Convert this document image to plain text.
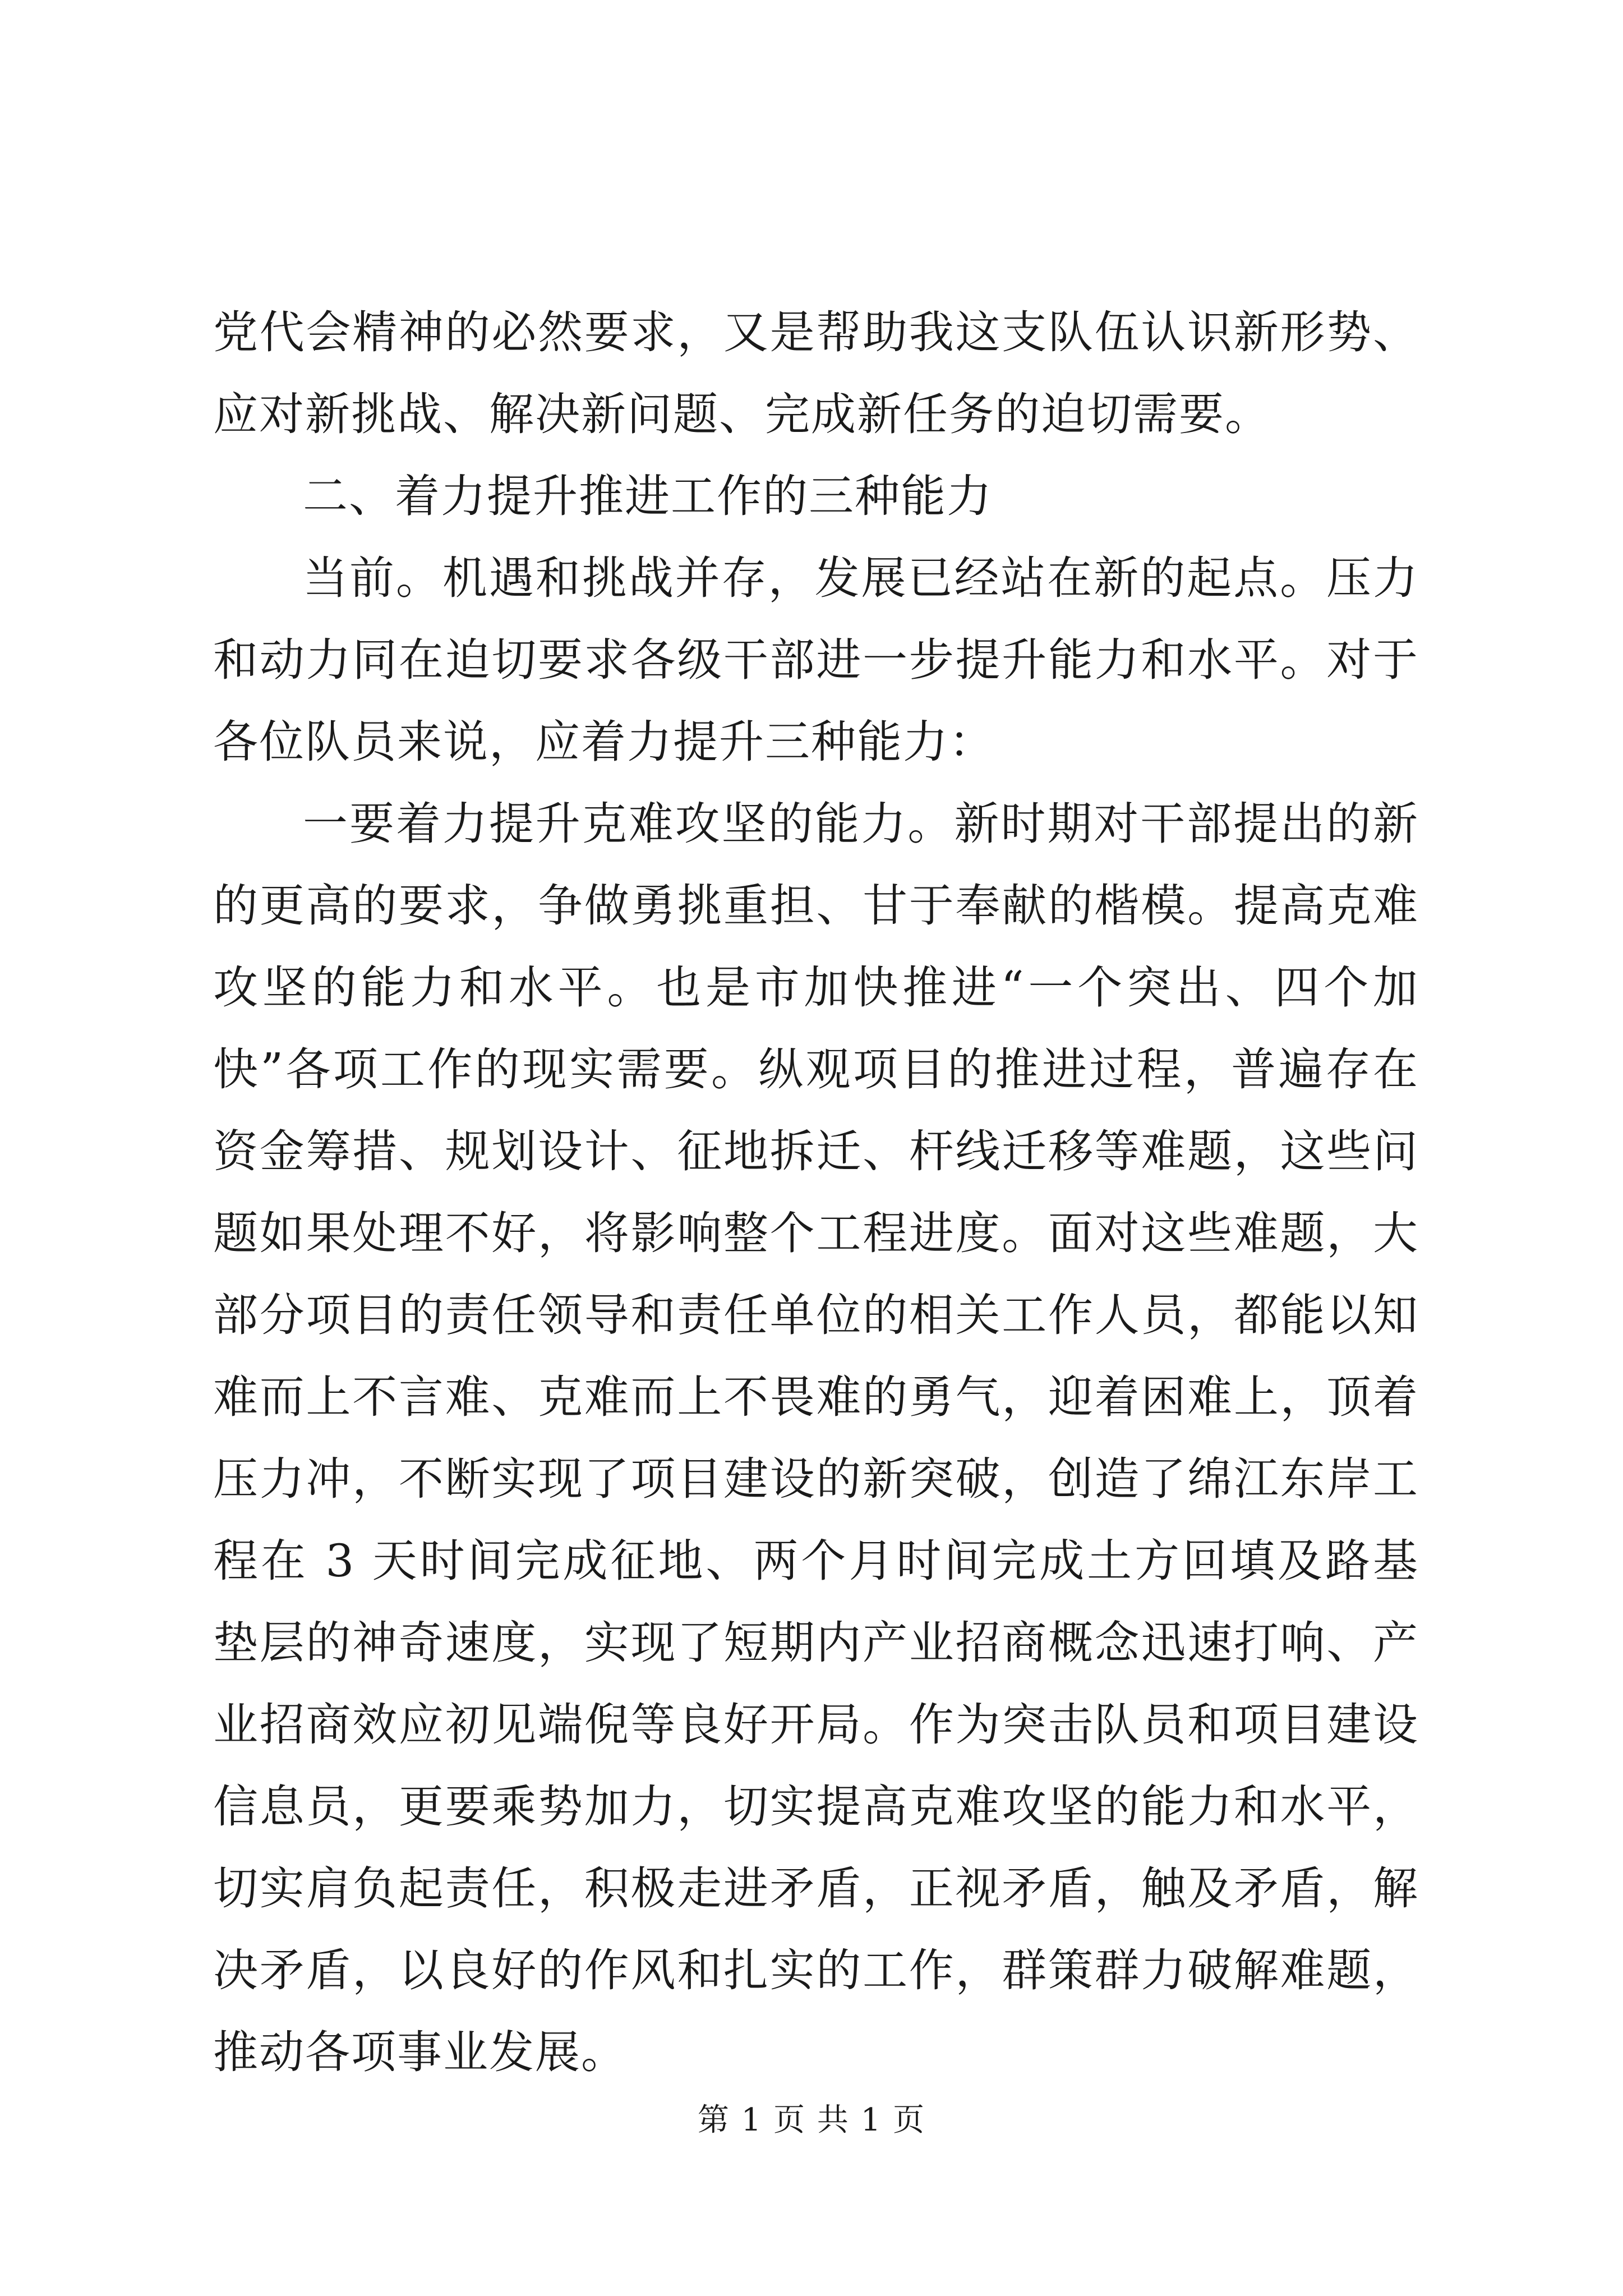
党代会精神的必然要求，又是帮助我这支队伍认识新形势、应对新挑战、解决新问题、完成新任务的迫切需要。

二、着力提升推进工作的三种能力

当前。机遇和挑战并存，发展已经站在新的起点。压力和动力同在迫切要求各级干部进一步提升能力和水平。对于各位队员来说，应着力提升三种能力：

一要着力提升克难攻坚的能力。新时期对干部提出的新的更高的要求，争做勇挑重担、甘于奉献的楷模。提高克难攻坚的能力和水平。也是市加快推进“一个突出、四个加快”各项工作的现实需要。纵观项目的推进过程，普遍存在资金筹措、规划设计、征地拆迁、杆线迁移等难题，这些问题如果处理不好，将影响整个工程进度。面对这些难题，大部分项目的责任领导和责任单位的相关工作人员，都能以知难而上不言难、克难而上不畏难的勇气，迎着困难上，顶着压力冲，不断实现了项目建设的新突破，创造了绵江东岸工程在 3 天时间完成征地、两个月时间完成土方回填及路基垫层的神奇速度，实现了短期内产业招商概念迅速打响、产业招商效应初见端倪等良好开局。作为突击队员和项目建设信息员，更要乘势加力，切实提高克难攻坚的能力和水平，切实肩负起责任，积极走进矛盾，正视矛盾，触及矛盾，解决矛盾，以良好的作风和扎实的工作，群策群力破解难题，推动各项事业发展。

第 1 页 共 1 页
